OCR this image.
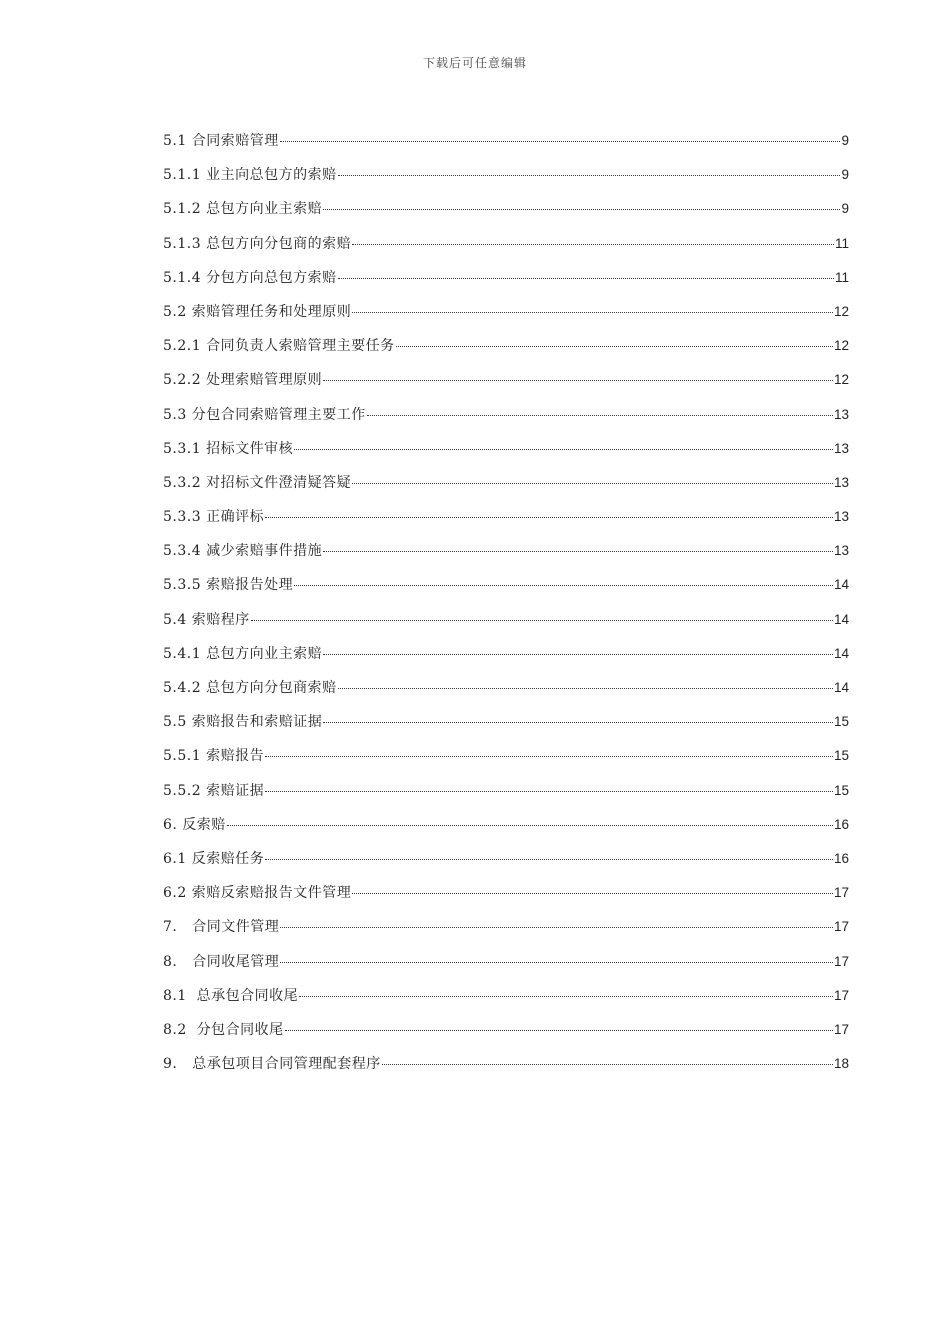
下载后可任意编辑
5.1 合同索赔管理	9
5.1.1 业主向总包方的索赔	9
5.1.2 总包方向业主索赔	9
5.1.3 总包方向分包商的索赔	11
5.1.4 分包方向总包方索赔	11
5.2 索赔管理任务和处理原则	12
5.2.1 合同负责人索赔管理主要任务	12
5.2.2 处理索赔管理原则	12
5.3 分包合同索赔管理主要工作	13
5.3.1 招标文件审核	13
5.3.2 对招标文件澄清疑答疑	13
5.3.3 正确评标	13
5.3.4 减少索赔事件措施	13
5.3.5 索赔报告处理	14
5.4 索赔程序	14
5.4.1 总包方向业主索赔	14
5.4.2 总包方向分包商索赔	14
5.5 索赔报告和索赔证据	15
5.5.1 索赔报告	15
5.5.2 索赔证据	15
6. 反索赔	16
6.1 反索赔任务	16
6.2 索赔反索赔报告文件管理	17
7.   合同文件管理	17
8.   合同收尾管理	17
8.1  总承包合同收尾	17
8.2  分包合同收尾	17
9.   总承包项目合同管理配套程序	18
